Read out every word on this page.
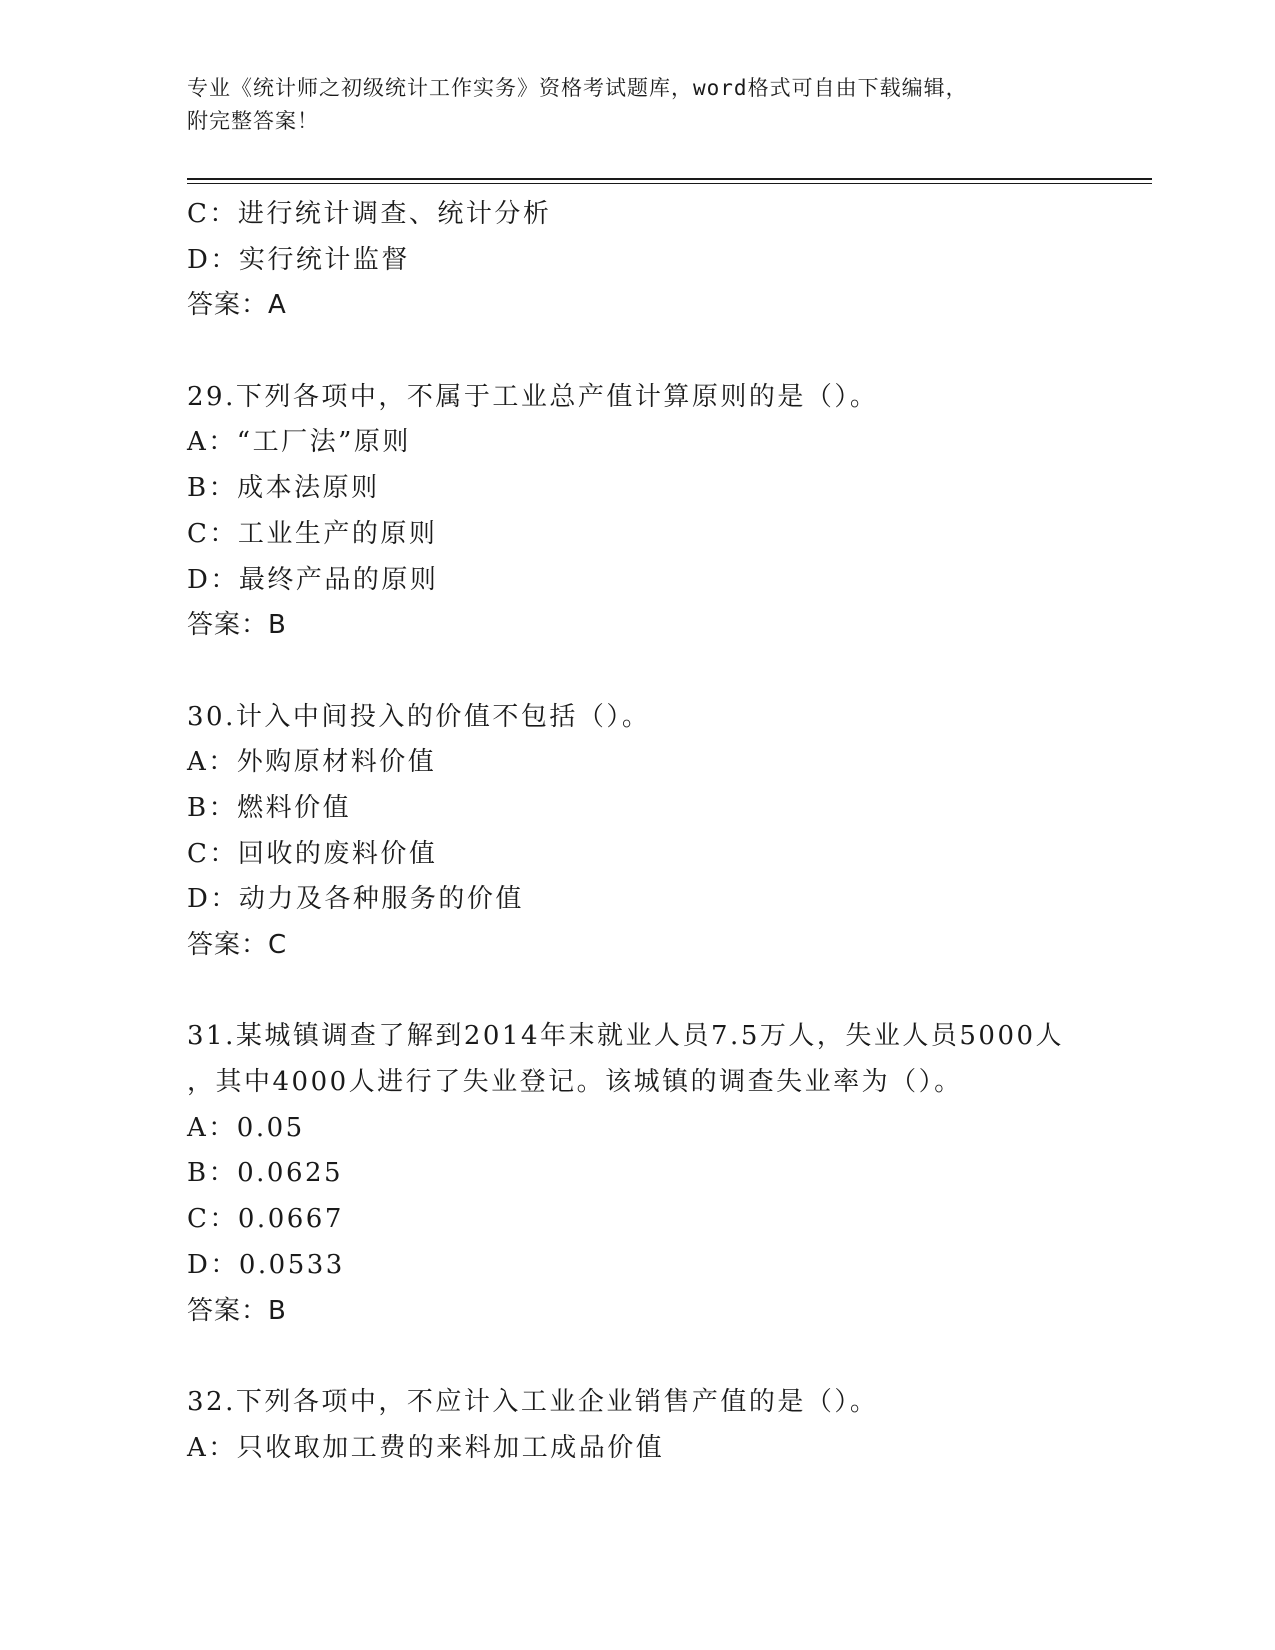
专业《统计师之初级统计工作实务》资格考试题库，word格式可自由下载编辑，
附完整答案！
C：进行统计调查、统计分析
D：实行统计监督
答案：A
29.下列各项中，不属于工业总产值计算原则的是（）。
A：“工厂法”原则
B：成本法原则
C：工业生产的原则
D：最终产品的原则
答案：B
30.计入中间投入的价值不包括（）。
A：外购原材料价值
B：燃料价值
C：回收的废料价值
D：动力及各种服务的价值
答案：C
31.某城镇调查了解到2014年末就业人员7.5万人，失业人员5000人
，其中4000人进行了失业登记。该城镇的调查失业率为（）。
A：0.05
B：0.0625
C：0.0667
D：0.0533
答案：B
32.下列各项中，不应计入工业企业销售产值的是（）。
A：只收取加工费的来料加工成品价值
